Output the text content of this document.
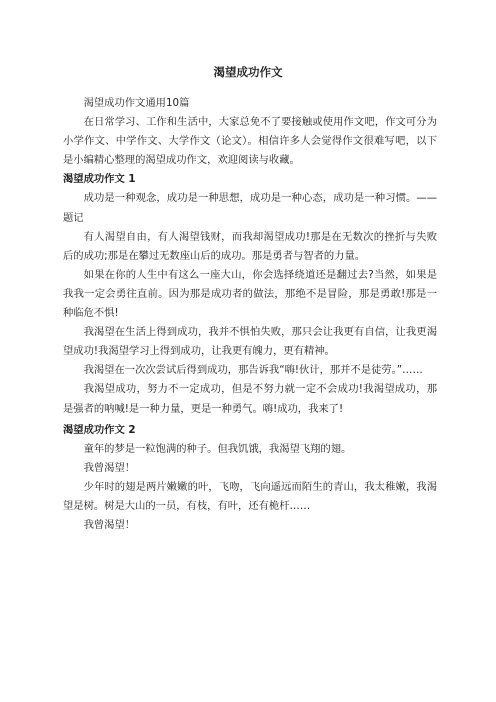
渴望成功作文

渴望成功作文通用10篇

在日常学习、工作和生活中，大家总免不了要接触或使用作文吧，作文可分为小学作文、中学作文、大学作文（论文）。相信许多人会觉得作文很难写吧，以下是小编精心整理的渴望成功作文，欢迎阅读与收藏。

渴望成功作文 1

成功是一种观念，成功是一种思想，成功是一种心态，成功是一种习惯。——题记

有人渴望自由，有人渴望钱财，而我却渴望成功!那是在无数次的挫折与失败后的成功;那是在攀过无数座山后的成功。那是勇者与智者的力量。

如果在你的人生中有这么一座大山，你会选择绕道还是翻过去?当然，如果是我我一定会勇往直前。因为那是成功者的做法，那绝不是冒险，那是勇敢!那是一种临危不惧!

我渴望在生活上得到成功，我并不惧怕失败，那只会让我更有自信，让我更渴望成功!我渴望学习上得到成功，让我更有魄力，更有精神。

我渴望在一次次尝试后得到成功，那告诉我“嗨!伙计，那并不是徒劳。”……

我渴望成功，努力不一定成功，但是不努力就一定不会成功!我渴望成功，那是强者的呐喊!是一种力量，更是一种勇气。嗨!成功，我来了!

渴望成功作文 2

童年的梦是一粒饱满的种子。但我饥饿，我渴望飞翔的翅。

我曾渴望！

少年时的翅是两片嫩嫩的叶，飞吻，飞向遥远而陌生的青山，我太稚嫩，我渴望是树。树是大山的一员，有枝，有叶，还有桅杆……

我曾渴望！
